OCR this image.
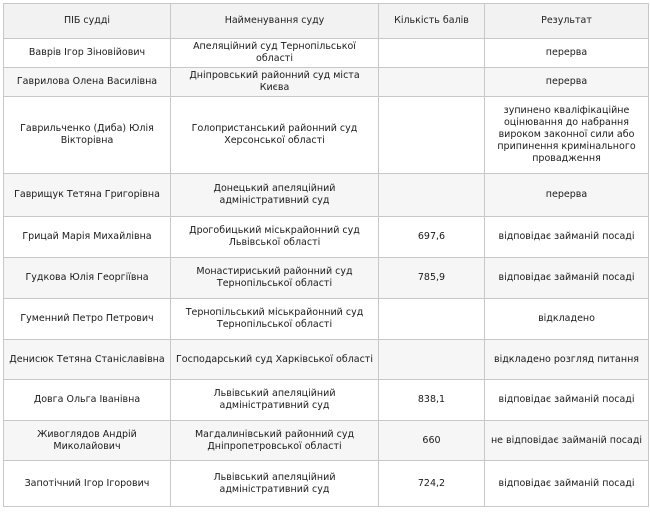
ПІБ судді	Найменування суду	Кількість балів	Результат
Ваврів Ігор Зіновійович	Апеляційний суд Тернопільської області		перерва
Гаврилова Олена Василівна	Дніпровський районний суд міста Києва		перерва
Гаврильченко (Диба) Юлія Вікторівна	Голопристанський районний суд Херсонської області		зупинено кваліфікаційне оцінювання до набрання вироком законної сили або припинення кримінального провадження
Гаврищук Тетяна Григорівна	Донецький апеляційний адміністративний суд		перерва
Грицай Марія Михайлівна	Дрогобицький міськрайонний суд Львівської області	697,6	відповідає займаній посаді
Гудкова Юлія Георгіївна	Монастириський районний суд Тернопільської області	785,9	відповідає займаній посаді
Гуменний Петро Петрович	Тернопільський міськрайонний суд Тернопільської області		відкладено
Денисюк Тетяна Станіславівна	Господарський суд Харківської області		відкладено розгляд питання
Довга Ольга Іванівна	Львівський апеляційний адміністративний суд	838,1	відповідає займаній посаді
Живоглядов Андрій Миколайович	Магдалинівський районний суд Дніпропетровської області	660	не відповідає займаній посаді
Запотічний Ігор Ігорович	Львівський апеляційний адміністративний суд	724,2	відповідає займаній посаді
